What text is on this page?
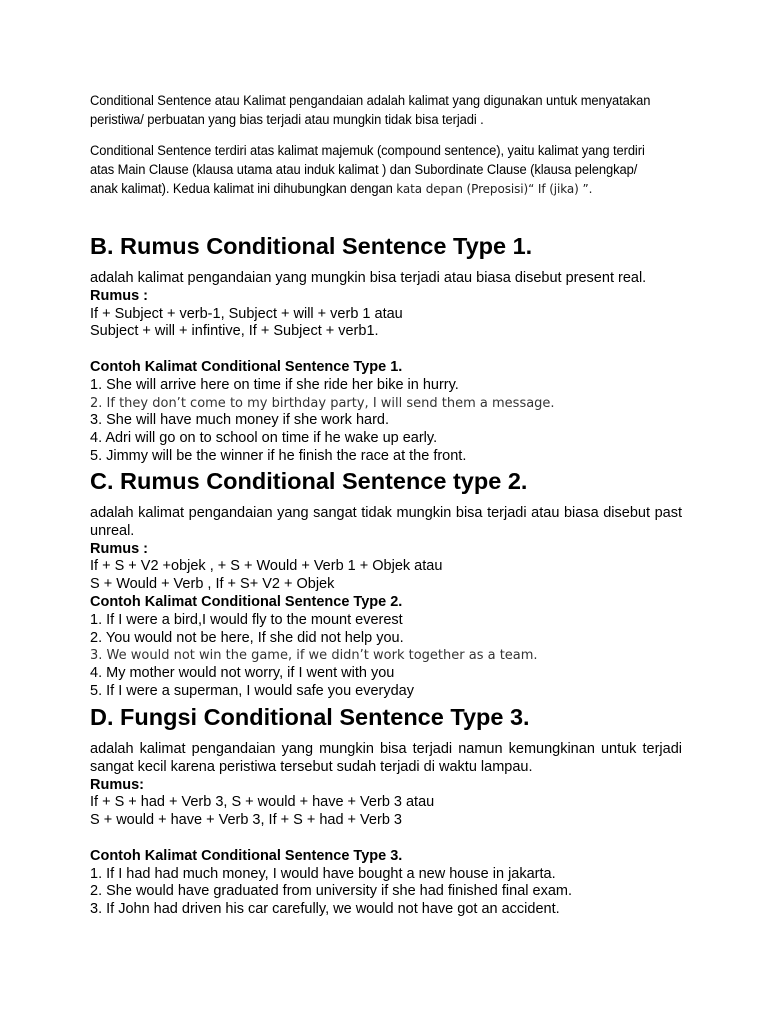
Conditional Sentence atau Kalimat pengandaian adalah kalimat yang digunakan untuk menyatakan peristiwa/ perbuatan yang bias terjadi atau mungkin tidak bisa terjadi .
Conditional Sentence terdiri atas kalimat majemuk (compound sentence), yaitu kalimat yang terdiri atas Main Clause (klausa utama atau induk kalimat ) dan Subordinate Clause (klausa pelengkap/ anak kalimat). Kedua kalimat ini dihubungkan dengan kata depan (Preposisi)“ If (jika) ”.
B. Rumus Conditional Sentence Type 1.
adalah kalimat pengandaian yang mungkin bisa terjadi atau biasa disebut present real.
Rumus :
If + Subject + verb-1, Subject + will + verb 1 atau
Subject + will + infintive, If + Subject + verb1.
Contoh Kalimat Conditional Sentence Type 1.
1. She will arrive here on time if she ride her bike in hurry.
2. If they don’t come to my birthday party, I will send them a message.
3. She will have much money if she work hard.
4. Adri will go on to school on time if he wake up early.
5. Jimmy will be the winner if he finish the race at the front.
C. Rumus Conditional Sentence type 2.
adalah kalimat pengandaian yang sangat tidak mungkin bisa terjadi atau biasa disebut past unreal.
Rumus :
If + S + V2 +objek , + S + Would + Verb 1 + Objek atau
S + Would + Verb , If + S+ V2 + Objek
Contoh Kalimat Conditional Sentence Type 2.
1. If I were a bird,I would fly to the mount everest
2. You would not be here, If she did not help you.
3. We would not win the game, if we didn’t work together as a team.
4. My mother would not worry, if I went with you
5. If I were a superman, I would safe you everyday
D. Fungsi Conditional Sentence Type 3.
adalah kalimat pengandaian yang mungkin bisa terjadi namun kemungkinan untuk terjadi sangat kecil karena peristiwa tersebut sudah terjadi di waktu lampau.
Rumus:
If + S + had + Verb 3, S + would + have + Verb 3 atau
S + would + have + Verb 3, If + S + had + Verb 3
Contoh Kalimat Conditional Sentence Type 3.
1. If I had had much money, I would have bought a new house in jakarta.
2. She would have graduated from university if she had finished final exam.
3. If John had driven his car carefully, we would not have got an accident.
